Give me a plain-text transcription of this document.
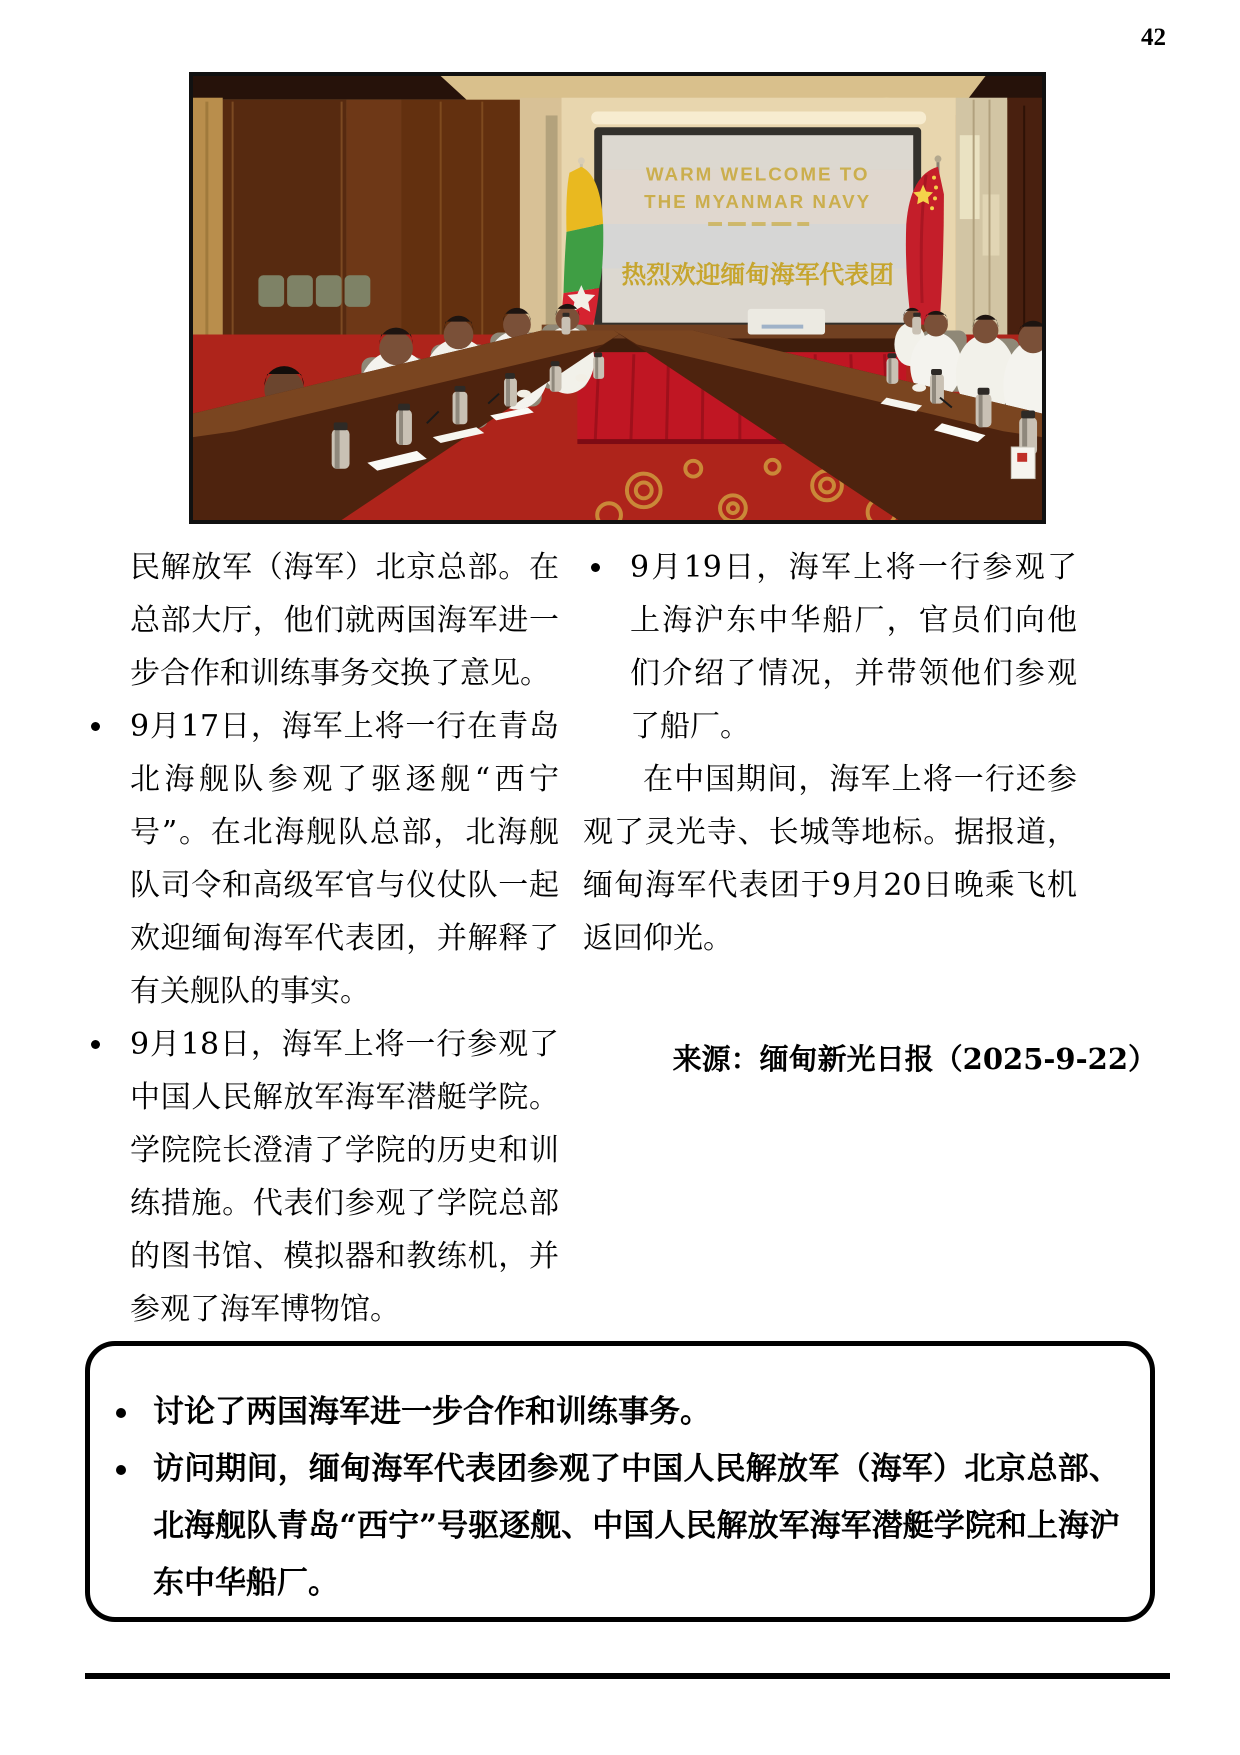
42
WARM WELCOME TO
THE MYANMAR NAVY
热烈欢迎缅甸海军代表团

民解放军（海军）北京总部。在总部大厅，他们就两国海军进一步合作和训练事务交换了意见。

9月17日，海军上将一行在青岛北海舰队参观了驱逐舰“西宁号”。在北海舰队总部，北海舰队司令和高级军官与仪仗队一起欢迎缅甸海军代表团，并解释了有关舰队的事实。
9月18日，海军上将一行参观了中国人民解放军海军潜艇学院。学院院长澄清了学院的历史和训练措施。代表们参观了学院总部的图书馆、模拟器和教练机，并参观了海军博物馆。
9月19日，海军上将一行参观了上海沪东中华船厂，官员们向他们介绍了情况，并带领他们参观了船厂。

在中国期间，海军上将一行还参观了灵光寺、长城等地标。据报道，缅甸海军代表团于9月20日晚乘飞机返回仰光。

来源：缅甸新光日报（2025-9-22）

讨论了两国海军进一步合作和训练事务。
访问期间，缅甸海军代表团参观了中国人民解放军（海军）北京总部、北海舰队青岛“西宁”号驱逐舰、中国人民解放军海军潜艇学院和上海沪东中华船厂。
